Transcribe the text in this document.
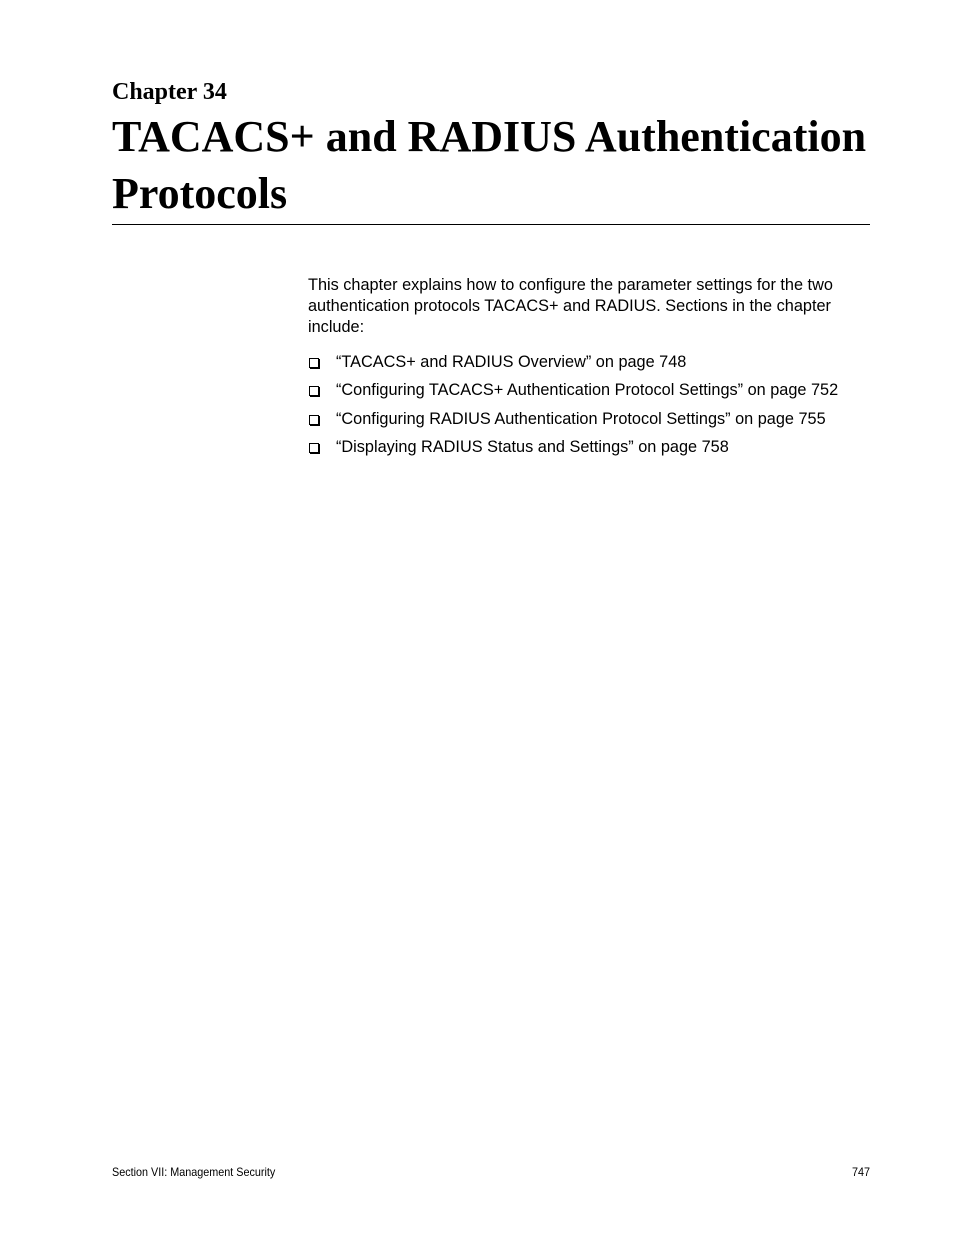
Chapter 34
TACACS+ and RADIUS Authentication Protocols

This chapter explains how to configure the parameter settings for the two authentication protocols TACACS+ and RADIUS. Sections in the chapter include:

“TACACS+ and RADIUS Overview” on page 748
“Configuring TACACS+ Authentication Protocol Settings” on page 752
“Configuring RADIUS Authentication Protocol Settings” on page 755
“Displaying RADIUS Status and Settings” on page 758
Section VII: Management Security	747
